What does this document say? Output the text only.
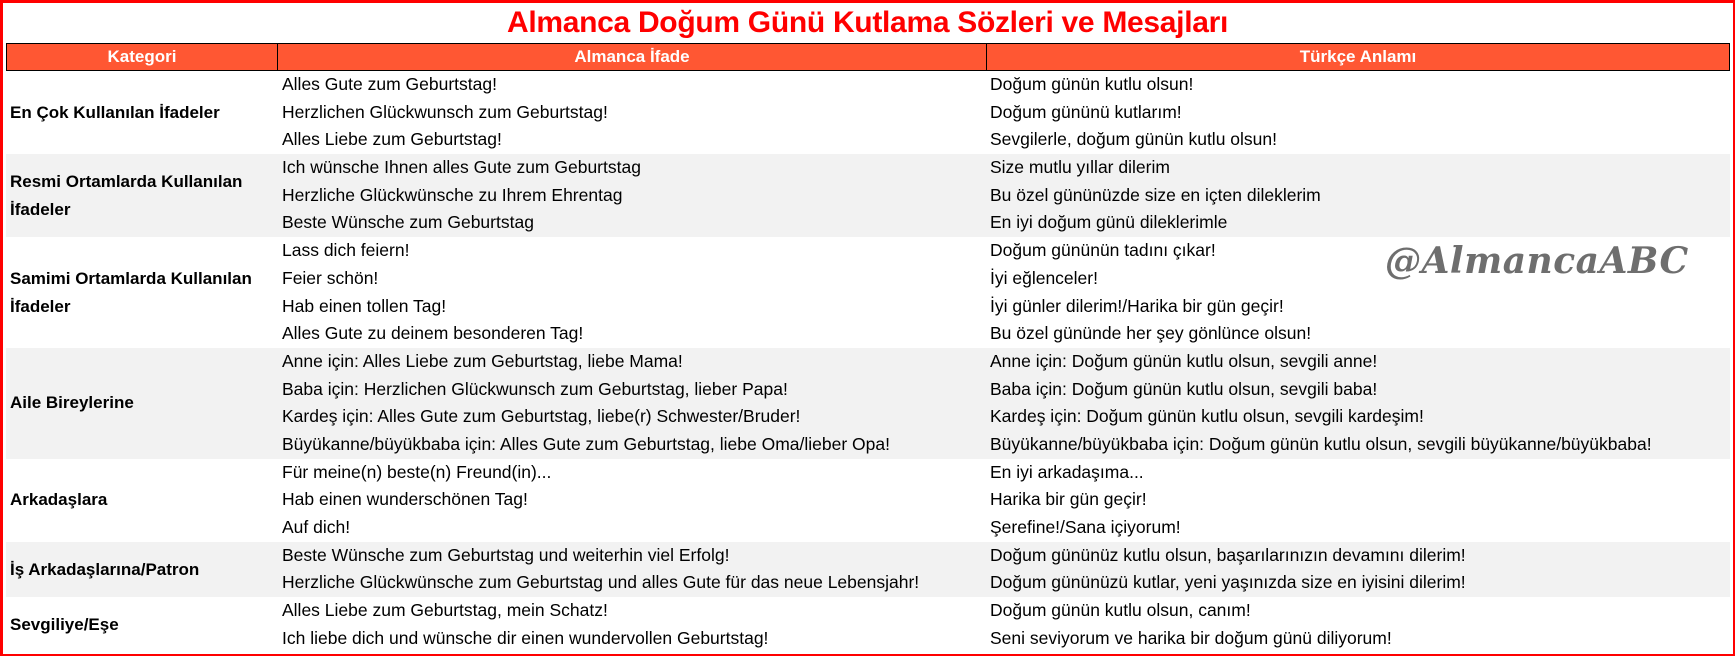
Almanca Doğum Günü Kutlama Sözleri ve Mesajları
Kategori	Almanca İfade	Türkçe Anlamı
En Çok Kullanılan İfadeler
Alles Gute zum Geburtstag!	Doğum günün kutlu olsun!
Herzlichen Glückwunsch zum Geburtstag!	Doğum gününü kutlarım!
Alles Liebe zum Geburtstag!	Sevgilerle, doğum günün kutlu olsun!
Resmi Ortamlarda Kullanılan İfadeler
Ich wünsche Ihnen alles Gute zum Geburtstag	Size mutlu yıllar dilerim
Herzliche Glückwünsche zu Ihrem Ehrentag	Bu özel gününüzde size en içten dileklerim
Beste Wünsche zum Geburtstag	En iyi doğum günü dileklerimle
Samimi Ortamlarda Kullanılan İfadeler
Lass dich feiern!	Doğum gününün tadını çıkar!
Feier schön!	İyi eğlenceler!
Hab einen tollen Tag!	İyi günler dilerim!/Harika bir gün geçir!
Alles Gute zu deinem besonderen Tag!	Bu özel gününde her şey gönlünce olsun!
Aile Bireylerine
Anne için: Alles Liebe zum Geburtstag, liebe Mama!	Anne için: Doğum günün kutlu olsun, sevgili anne!
Baba için: Herzlichen Glückwunsch zum Geburtstag, lieber Papa!	Baba için: Doğum günün kutlu olsun, sevgili baba!
Kardeş için: Alles Gute zum Geburtstag, liebe(r) Schwester/Bruder!	Kardeş için: Doğum günün kutlu olsun, sevgili kardeşim!
Büyükanne/büyükbaba için: Alles Gute zum Geburtstag, liebe Oma/lieber Opa!	Büyükanne/büyükbaba için: Doğum günün kutlu olsun, sevgili büyükanne/büyükbaba!
Arkadaşlara
Für meine(n) beste(n) Freund(in)...	En iyi arkadaşıma...
Hab einen wunderschönen Tag!	Harika bir gün geçir!
Auf dich!	Şerefine!/Sana içiyorum!
İş Arkadaşlarına/Patron
Beste Wünsche zum Geburtstag und weiterhin viel Erfolg!	Doğum gününüz kutlu olsun, başarılarınızın devamını dilerim!
Herzliche Glückwünsche zum Geburtstag und alles Gute für das neue Lebensjahr!	Doğum gününüzü kutlar, yeni yaşınızda size en iyisini dilerim!
Sevgiliye/Eşe
Alles Liebe zum Geburtstag, mein Schatz!	Doğum günün kutlu olsun, canım!
Ich liebe dich und wünsche dir einen wundervollen Geburtstag!	Seni seviyorum ve harika bir doğum günü diliyorum!
@AlmancaABC
